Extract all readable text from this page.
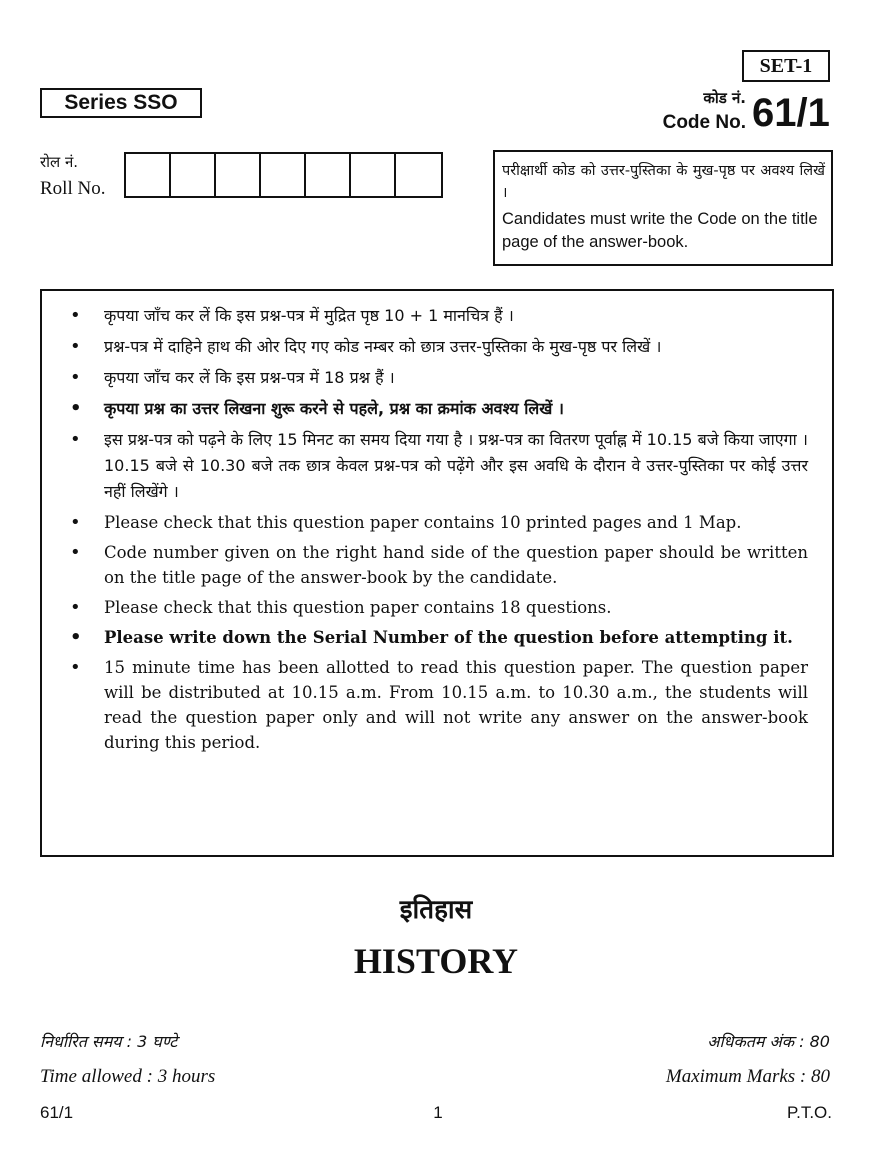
SET-1
Series SSO	कोड नं.
Code No. 61/1
रोल नं.
Roll No.
परीक्षार्थी कोड को उत्तर-पुस्तिका के मुख-पृष्ठ पर अवश्य लिखें ।
Candidates must write the Code on the title page of the answer-book.
• कृपया जाँच कर लें कि इस प्रश्न-पत्र में मुद्रित पृष्ठ 10 + 1 मानचित्र हैं ।
• प्रश्न-पत्र में दाहिने हाथ की ओर दिए गए कोड नम्बर को छात्र उत्तर-पुस्तिका के मुख-पृष्ठ पर लिखें ।
• कृपया जाँच कर लें कि इस प्रश्न-पत्र में 18 प्रश्न हैं ।
• कृपया प्रश्न का उत्तर लिखना शुरू करने से पहले, प्रश्न का क्रमांक अवश्य लिखें ।
• इस प्रश्न-पत्र को पढ़ने के लिए 15 मिनट का समय दिया गया है । प्रश्न-पत्र का वितरण पूर्वाह्न में 10.15 बजे किया जाएगा । 10.15 बजे से 10.30 बजे तक छात्र केवल प्रश्न-पत्र को पढ़ेंगे और इस अवधि के दौरान वे उत्तर-पुस्तिका पर कोई उत्तर नहीं लिखेंगे ।
• Please check that this question paper contains 10 printed pages and 1 Map.
• Code number given on the right hand side of the question paper should be written on the title page of the answer-book by the candidate.
• Please check that this question paper contains 18 questions.
• Please write down the Serial Number of the question before attempting it.
• 15 minute time has been allotted to read this question paper. The question paper will be distributed at 10.15 a.m. From 10.15 a.m. to 10.30 a.m., the students will read the question paper only and will not write any answer on the answer-book during this period.
इतिहास
HISTORY
निर्धारित समय : 3 घण्टे
Time allowed : 3 hours
अधिकतम अंक : 80
Maximum Marks : 80
61/1	1	P.T.O.
